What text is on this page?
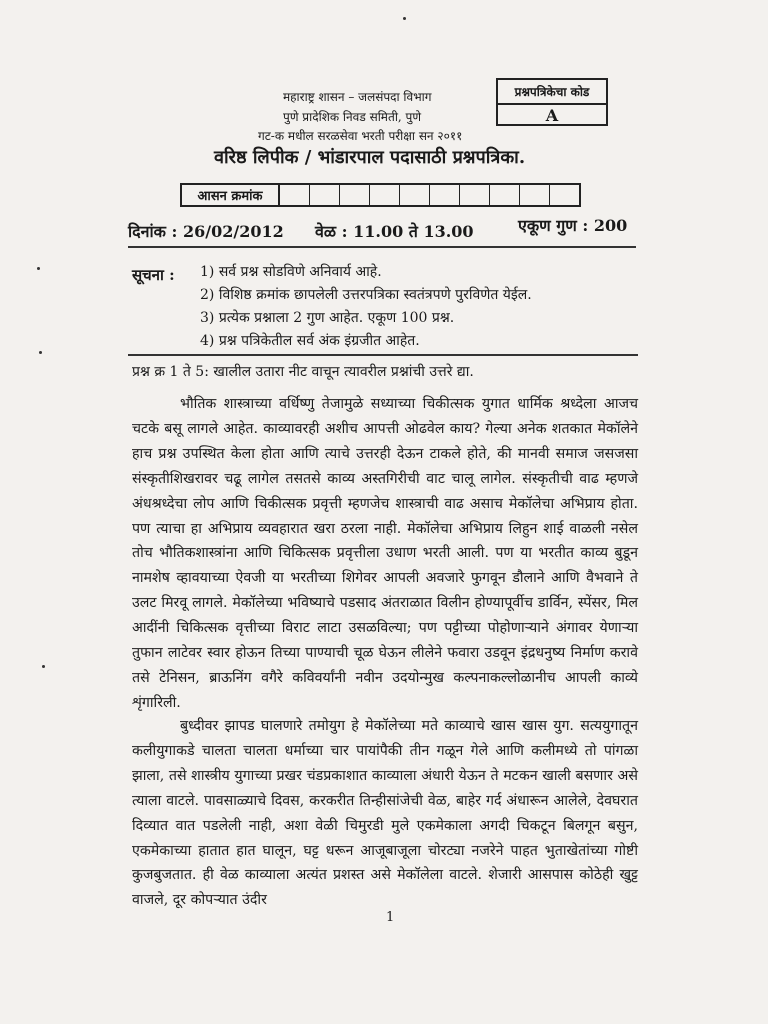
महाराष्ट्र शासन – जलसंपदा विभाग
पुणे प्रादेशिक निवड समिती, पुणे
गट-क मधील सरळसेवा भरती परीक्षा सन २०११
प्रश्नपत्रिकेचा कोड
A
वरिष्ठ लिपीक / भांडारपाल पदासाठी प्रश्नपत्रिका.
आसन क्रमांक
दिनांक : 26/02/2012 वेळ : 11.00 ते 13.00	एकूण गुण : 200
सूचना : 1) सर्व प्रश्न सोडविणे अनिवार्य आहे.
2) विशिष्ठ क्रमांक छापलेली उत्तरपत्रिका स्वतंत्रपणे पुरविणेत येईल.
3) प्रत्येक प्रश्नाला 2 गुण आहेत. एकूण 100 प्रश्न.
4) प्रश्न पत्रिकेतील सर्व अंक इंग्रजीत आहेत.
प्रश्न क्र 1 ते 5: खालील उतारा नीट वाचून त्यावरील प्रश्नांची उत्तरे द्या.
भौतिक शास्त्राच्या वर्धिष्णु तेजामुळे सध्याच्या चिकीत्सक युगात धार्मिक श्रध्देला आजच चटके बसू लागले आहेत. काव्यावरही अशीच आपत्ती ओढवेल काय? गेल्या अनेक शतकात मेकॉलेने हाच प्रश्न उपस्थित केला होता आणि त्याचे उत्तरही देऊन टाकले होते, की मानवी समाज जसजसा संस्कृतीशिखरावर चढू लागेल तसतसे काव्य अस्तगिरीची वाट चालू लागेल. संस्कृतीची वाढ म्हणजे अंधश्रध्देचा लोप आणि चिकीत्सक प्रवृत्ती म्हणजेच शास्त्राची वाढ असाच मेकॉलेचा अभिप्राय होता. पण त्याचा हा अभिप्राय व्यवहारात खरा ठरला नाही. मेकॉलेचा अभिप्राय लिहुन शाई वाळली नसेल तोच भौतिकशास्त्रांना आणि चिकित्सक प्रवृत्तीला उधाण भरती आली. पण या भरतीत काव्य बुडून नामशेष व्हावयाच्या ऐवजी या भरतीच्या शिगेवर आपली अवजारे फुगवून डौलाने आणि वैभवाने ते उलट मिरवू लागले. मेकॉलेच्या भविष्याचे पडसाद अंतराळात विलीन होण्यापूर्वीच डार्विन, स्पेंसर, मिल आदींनी चिकित्सक वृत्तीच्या विराट लाटा उसळविल्या; पण पट्टीच्या पोहोणाऱ्याने अंगावर येणाऱ्या तुफान लाटेवर स्वार होऊन तिच्या पाण्याची चूळ घेऊन लीलेने फवारा उडवून इंद्रधनुष्य निर्माण करावे तसे टेनिसन, ब्राऊनिंग वगैरे कविवर्यांनी नवीन उदयोन्मुख कल्पनाकल्लोळानीच आपली काव्ये शृंगारिली.
बुध्दीवर झापड घालणारे तमोयुग हे मेकॉलेच्या मते काव्याचे खास खास युग. सत्ययुगातून कलीयुगाकडे चालता चालता धर्माच्या चार पायांपैकी तीन गळून गेले आणि कलीमध्ये तो पांगळा झाला, तसे शास्त्रीय युगाच्या प्रखर चंडप्रकाशात काव्याला अंधारी येऊन ते मटकन खाली बसणार असे त्याला वाटले. पावसाळ्याचे दिवस, करकरीत तिन्हीसांजेची वेळ, बाहेर गर्द अंधारून आलेले, देवघरात दिव्यात वात पडलेली नाही, अशा वेळी चिमुरडी मुले एकमेकाला अगदी चिकटून बिलगून बसुन, एकमेकाच्या हातात हात घालून, घट्ट धरून आजूबाजूला चोरट्या नजरेने पाहत भुताखेतांच्या गोष्टी कुजबुजतात. ही वेळ काव्याला अत्यंत प्रशस्त असे मेकॉलेला वाटले. शेजारी आसपास कोठेही खुट्ट वाजले, दूर कोपऱ्यात उंदीर
1
